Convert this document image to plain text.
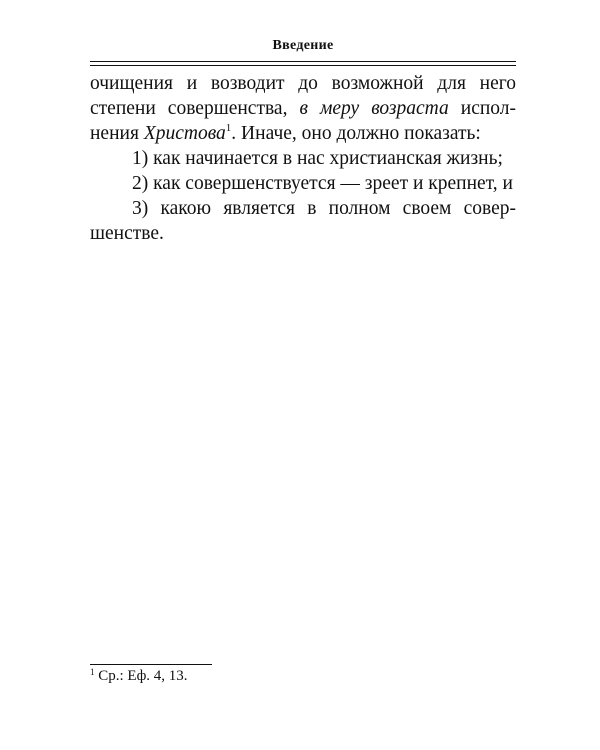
Введение
очищения и возводит до возможной для него
степени совершенства, в меру возраста испол-
нения Христова$^1$. Иначе, оно должно показать:
1) как начинается в нас христианская жизнь;
2) как совершенствуется — зреет и крепнет, и
3) какою является в полном своем совер-
шенстве.
$^1$ Ср.: Еф. 4, 13.
